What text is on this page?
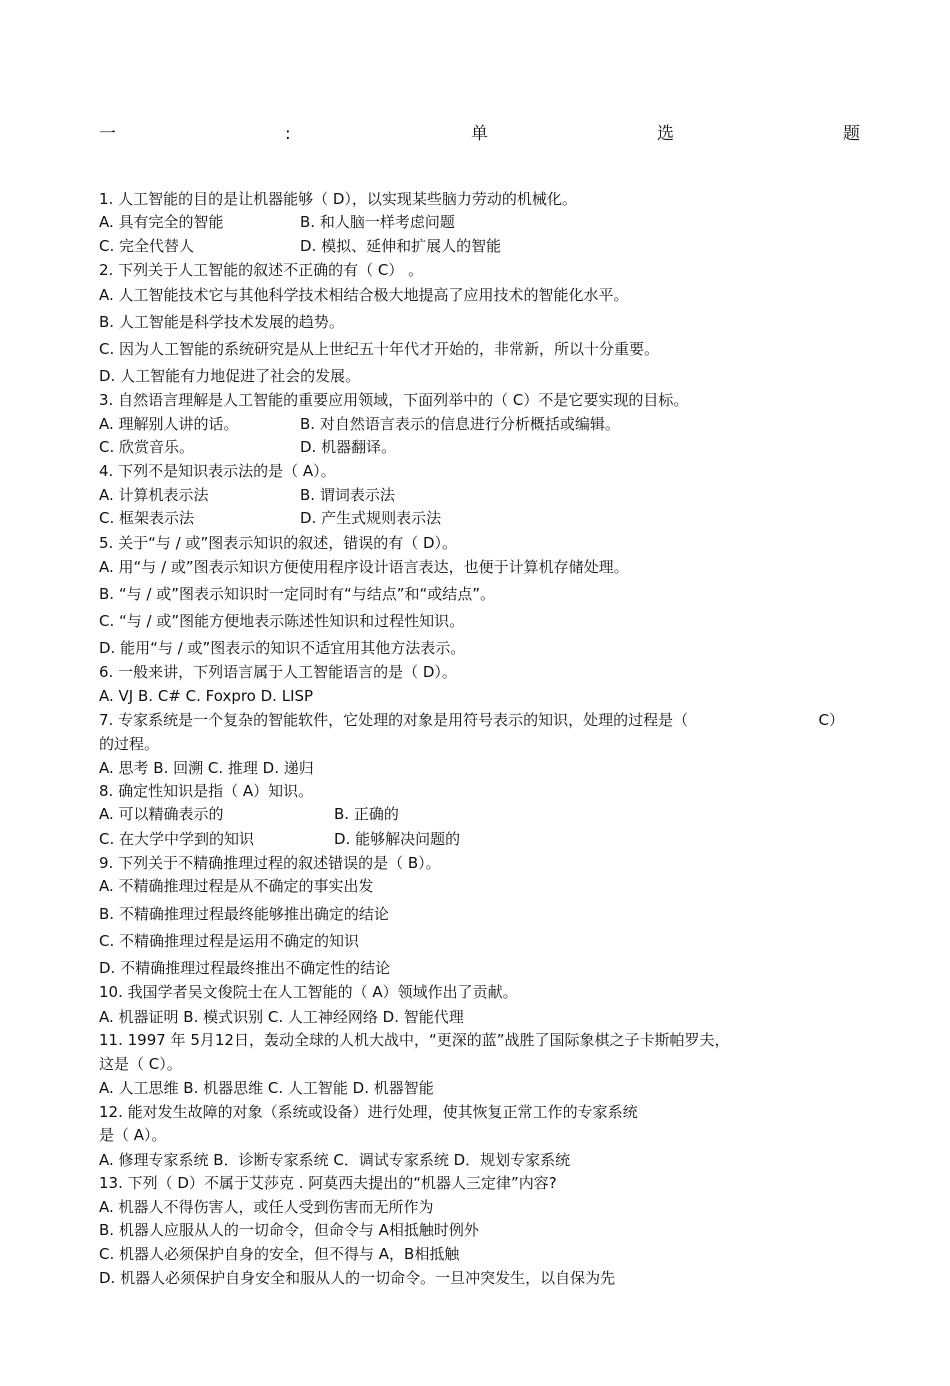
一	:	单	选	题
1. 人工智能的目的是让机器能够（ D），以实现某些脑力劳动的机械化。
A. 具有完全的智能	B. 和人脑一样考虑问题
C. 完全代替人	D. 模拟、延伸和扩展人的智能
2. 下列关于人工智能的叙述不正确的有（ C） 。
A. 人工智能技术它与其他科学技术相结合极大地提高了应用技术的智能化水平。
B. 人工智能是科学技术发展的趋势。
C. 因为人工智能的系统研究是从上世纪五十年代才开始的，非常新，所以十分重要。
D. 人工智能有力地促进了社会的发展。
3. 自然语言理解是人工智能的重要应用领域，下面列举中的（ C）不是它要实现的目标。
A. 理解别人讲的话。	B. 对自然语言表示的信息进行分析概括或编辑。
C. 欣赏音乐。	D. 机器翻译。
4. 下列不是知识表示法的是（ A）。
A. 计算机表示法	B. 谓词表示法
C. 框架表示法	D. 产生式规则表示法
5. 关于“与 / 或”图表示知识的叙述，错误的有（ D）。
A. 用“与 / 或”图表示知识方便使用程序设计语言表达，也便于计算机存储处理。
B. “与 / 或”图表示知识时一定同时有“与结点”和“或结点”。
C. “与 / 或”图能方便地表示陈述性知识和过程性知识。
D. 能用“与 / 或”图表示的知识不适宜用其他方法表示。
6. 一般来讲，下列语言属于人工智能语言的是（ D）。
A. VJ B. C# C. Foxpro D. LISP
7. 专家系统是一个复杂的智能软件，它处理的对象是用符号表示的知识，处理的过程是（	C）
的过程。
A. 思考 B. 回溯 C. 推理 D. 递归
8. 确定性知识是指（ A）知识。
A. 可以精确表示的	B. 正确的
C. 在大学中学到的知识	D. 能够解决问题的
9. 下列关于不精确推理过程的叙述错误的是（ B）。
A. 不精确推理过程是从不确定的事实出发
B. 不精确推理过程最终能够推出确定的结论
C. 不精确推理过程是运用不确定的知识
D. 不精确推理过程最终推出不确定性的结论
10. 我国学者吴文俊院士在人工智能的（ A）领域作出了贡献。
A. 机器证明 B. 模式识别 C. 人工神经网络 D. 智能代理
11. 1997 年 5月12日，轰动全球的人机大战中，“更深的蓝”战胜了国际象棋之子卡斯帕罗夫，
这是（ C）。
A. 人工思维 B. 机器思维 C. 人工智能 D. 机器智能
12. 能对发生故障的对象（系统或设备）进行处理，使其恢复正常工作的专家系统
是（ A）。
A. 修理专家系统 B．诊断专家系统 C．调试专家系统 D．规划专家系统
13. 下列（ D）不属于艾莎克 . 阿莫西夫提出的“机器人三定律”内容?
A. 机器人不得伤害人，或任人受到伤害而无所作为
B. 机器人应服从人的一切命令，但命令与 A相抵触时例外
C. 机器人必须保护自身的安全，但不得与 A，B相抵触
D. 机器人必须保护自身安全和服从人的一切命令。一旦冲突发生，以自保为先
